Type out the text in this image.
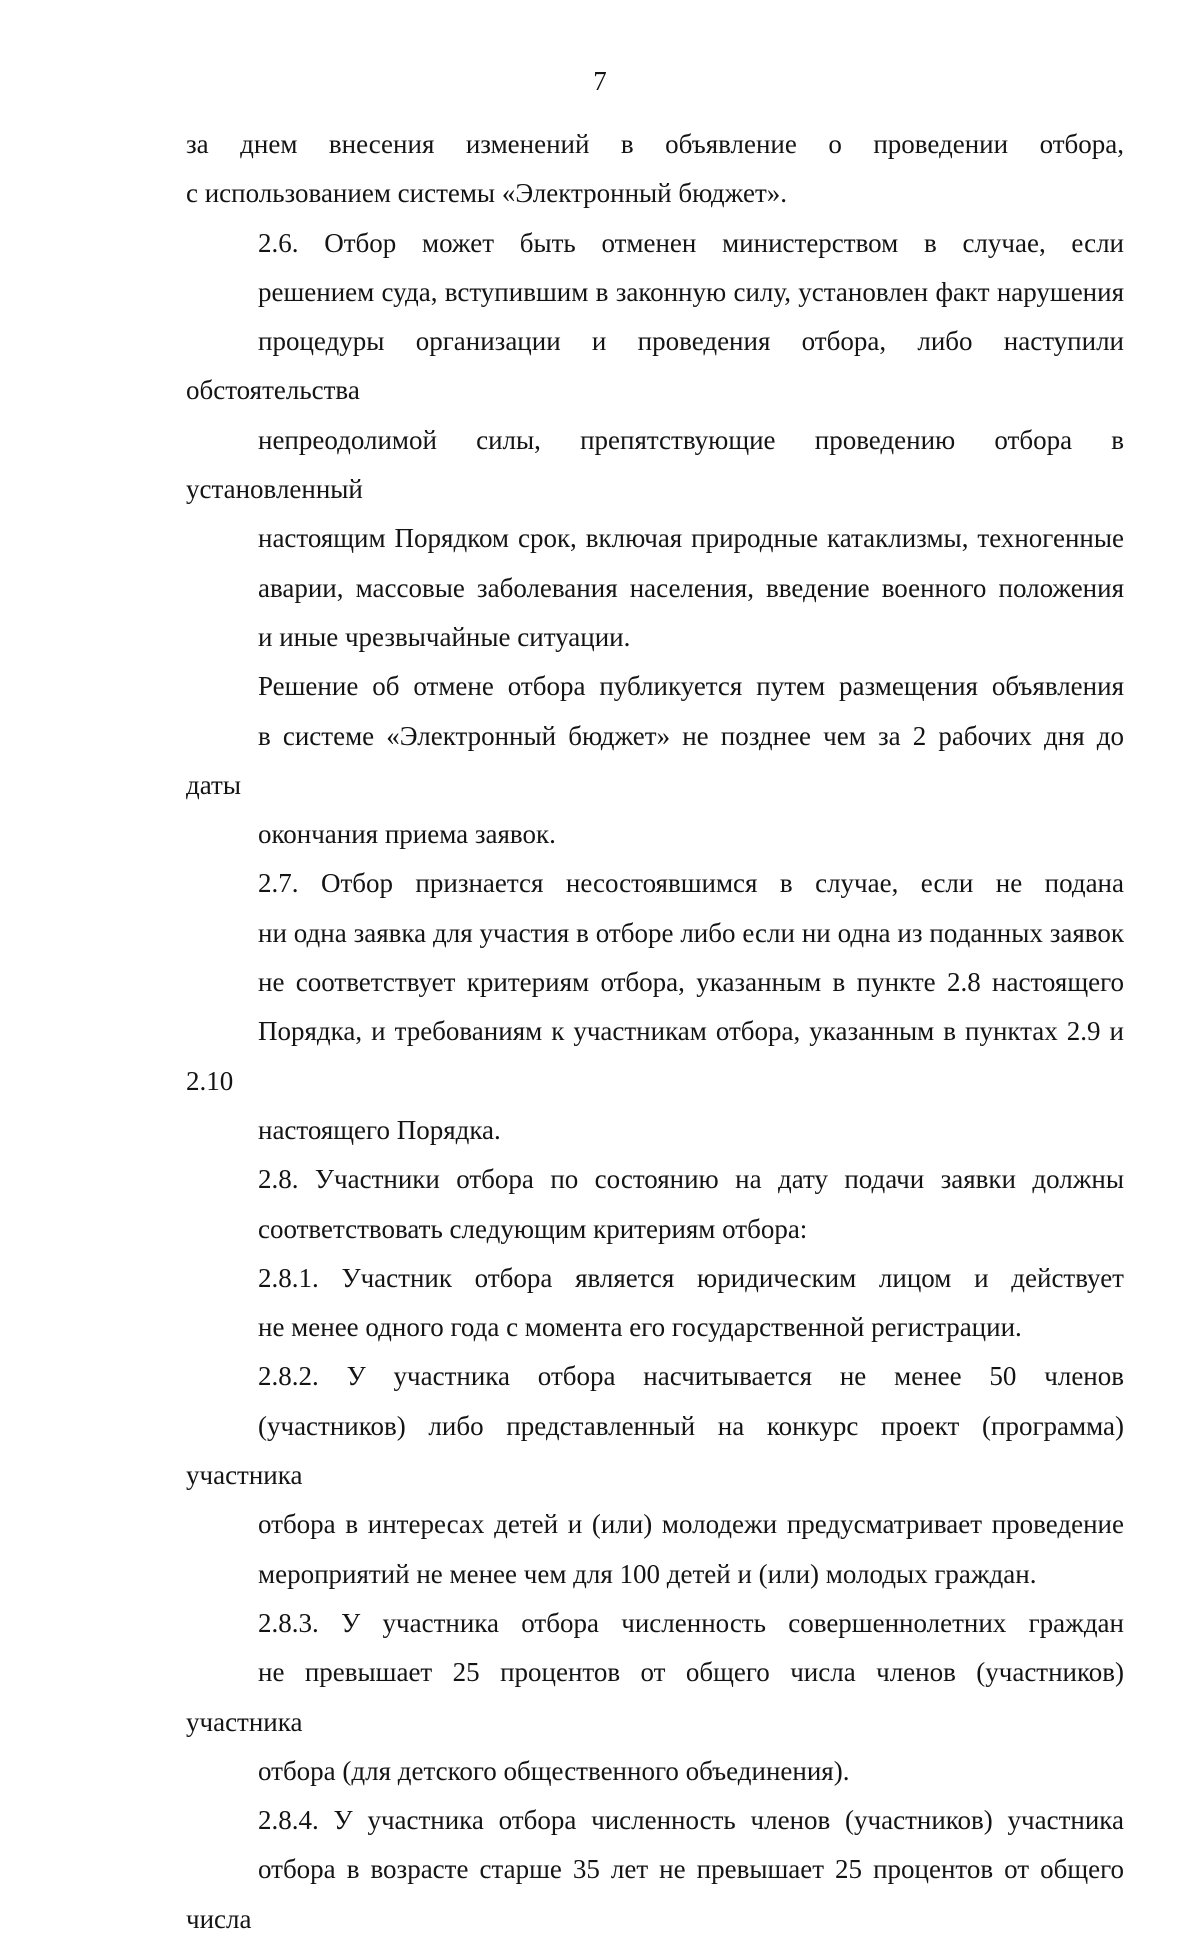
7

за днем внесения изменений в объявление о проведении отбора,
с использованием системы «Электронный бюджет».

2.6. Отбор может быть отменен министерством в случае, если
решением суда, вступившим в законную силу, установлен факт нарушения
процедуры организации и проведения отбора, либо наступили обстоятельства
непреодолимой силы, препятствующие проведению отбора в установленный
настоящим Порядком срок, включая природные катаклизмы, техногенные
аварии, массовые заболевания населения, введение военного положения
и иные чрезвычайные ситуации.

Решение об отмене отбора публикуется путем размещения объявления
в системе «Электронный бюджет» не позднее чем за 2 рабочих дня до даты
окончания приема заявок.

2.7. Отбор признается несостоявшимся в случае, если не подана
ни одна заявка для участия в отборе либо если ни одна из поданных заявок
не соответствует критериям отбора, указанным в пункте 2.8 настоящего
Порядка, и требованиям к участникам отбора, указанным в пунктах 2.9 и 2.10
настоящего Порядка.

2.8. Участники отбора по состоянию на дату подачи заявки должны
соответствовать следующим критериям отбора:

2.8.1. Участник отбора является юридическим лицом и действует
не менее одного года с момента его государственной регистрации.

2.8.2. У участника отбора насчитывается не менее 50 членов
(участников) либо представленный на конкурс проект (программа) участника
отбора в интересах детей и (или) молодежи предусматривает проведение
мероприятий не менее чем для 100 детей и (или) молодых граждан.

2.8.3. У участника отбора численность совершеннолетних граждан
не превышает 25 процентов от общего числа членов (участников) участника
отбора (для детского общественного объединения).

2.8.4. У участника отбора численность членов (участников) участника
отбора в возрасте старше 35 лет не превышает 25 процентов от общего числа
